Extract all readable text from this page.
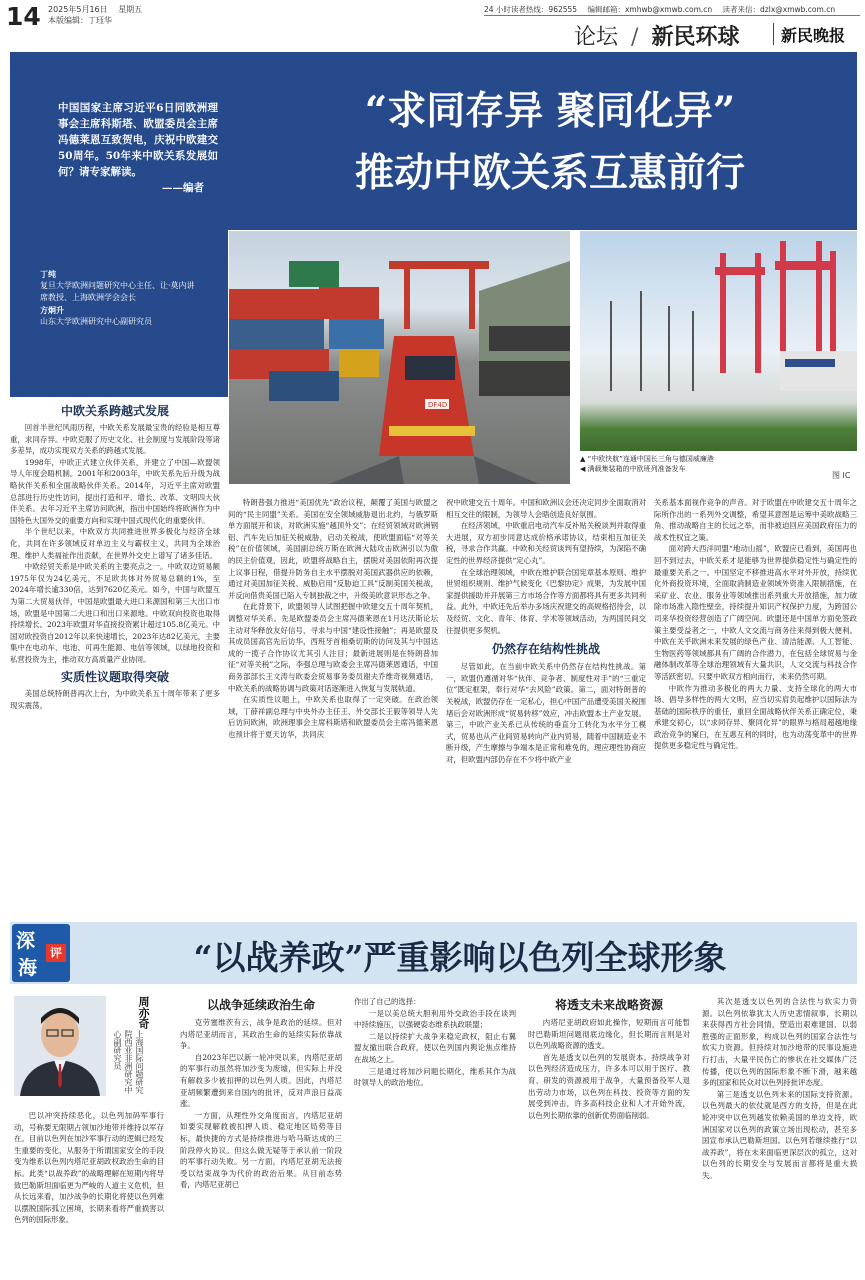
14 2025年5月16日 星期五
本版编辑：丁珏华
24 小时读者热线：962555 编辑邮箱：xmhwb@xmwb.com.cn 读者来信：dzlx@xmwb.com.cn
论坛 / 新民环球	新民晚报
“求同存异 聚同化异”
推动中欧关系互惠前行
中国国家主席习近平6日同欧洲理事会主席科斯塔、欧盟委员会主席冯德莱恩互致贺电，庆祝中欧建交50周年。50年来中欧关系发展如何？请专家解读。
——编者
丁纯
复旦大学欧洲问题研究中心主任、让·莫内讲席教授、上海欧洲学会会长
方炯升
山东大学欧洲研究中心副研究员
DF4D
▲ “中欧快航”连通中国长三角与德国威廉港
◀ 满载集装箱的中欧班列准备发车
图 IC
中欧关系跨越式发展
回首半世纪风雨历程，中欧关系发展最宝贵的经验是相互尊重，求同存异。中欧克服了历史文化、社会制度与发展阶段等诸多差异，成功实现双方关系的跨越式发展。
1998年，中欧正式建立伙伴关系，并建立了中国—欧盟领导人年度会晤机制。2001年和2003年，中欧关系先后升级为战略伙伴关系和全面战略伙伴关系。2014年，习近平主席对欧盟总部进行历史性访问，提出打造和平、增长、改革、文明四大伙伴关系。去年习近平主席访问欧洲，指出中国始终将欧洲作为中国特色大国外交的重要方向和实现中国式现代化的重要伙伴。
半个世纪以来，中欧双方共同推进世界多极化与经济全球化，共同在许多领域反对单边主义与霸权主义，共同为全球治理、维护人类福祉作出贡献，在世界外交史上谱写了诸多佳话。
中欧经贸关系是中欧关系的主要亮点之一。中欧双边贸易额1975年仅为24亿美元，不足欧共体对外贸易总额的1%，至2024年增长逾330倍，达到7620亿美元。如今，中国与欧盟互为第二大贸易伙伴，中国是欧盟最大进口来源国和第三大出口市场，欧盟是中国第二大进口和出口来源地。中欧双向投资也取得持续增长。2023年欧盟对华直接投资累计超过105.8亿美元。中国对欧投资自2012年以来快速增长，2023年达82亿美元，主要集中在电动车、电池、可再生能源、电信等领域，以绿地投资和私营投资为主，推动双方高质量产业协同。
实质性议题取得突破
美国总统特朗普再次上台，为中欧关系五十周年带来了更多现实震荡。
特朗普强力推进“美国优先”政治议程，颠覆了美国与欧盟之间的“民主同盟”关系。美国在安全领域威胁退出北约，与俄罗斯单方面展开和谈，对欧洲实施“越顶外交”；在经贸领域对欧洲钢铝、汽车先后加征关税威胁，启动关税战，使欧盟面临“对等关税”在价值领域，美国副总统万斯在欧洲大陆攻击欧洲引以为傲的民主价值观，因此，欧盟将战略自主，摆脱对美国依附再次提上议事日程，借提升防务自主水平摆脱对美国武器供应的依赖，通过对美国加征关税、威胁启用“反胁迫工具”反制美国关税战，并反向借贵美国已陷入专制独裁之中，升级美欧意识形态之争。
在此背景下，欧盟领导人试图把握中欧建交五十周年契机，调整对华关系。先是欧盟委员会主席冯德莱恩在1月达沃斯论坛主动对华释放友好信号，寻求与中国“建设性接触”；再是欧盟及其成员国高官先后访华，西班牙首相桑切斯的访问及其与中国达成的一揽子合作协议尤其引人注目；最新进展则是在特朗普加征“对等关税”之际，李强总理与欧委会主席冯德莱恩通话，中国商务部部长王文涛与欧委会贸易事务委员谢夫乔维奇视频通话，中欧关系的战略协调与政策对话逐渐进入恢复与发展轨道。
在实质性议题上，中欧关系也取得了一定突破。在政治领域，丁薛祥副总理与中央外办主任王、外交部长王毅等领导人先后访问欧洲，欧洲理事会主席科斯塔和欧盟委员会主席冯德莱恩也预计将于夏天访华，共同庆
祝中欧建交五十周年。中国和欧洲议会还决定同步全面取消对相互交往的限制，为领导人会晤创造良好氛围。
在经济领域，中欧重启电动汽车反补贴关税谈判并取得重大进展，双方初步同意达成价格承诺协议，结束相互加征关税，寻求合作共赢。中欧和关经贸谈判有望持续，为深陷不确定性的世界经济提供“定心丸”。
在全球治理领域，中欧在维护联合国宪章基本原则、维护世贸组织规则、维护气候变化《巴黎协定》成果，为发展中国家提供援助并开展第三方市场合作等方面都将具有更多共同利益。此外，中欧还先后举办多场庆祝建交的高规格招待会，以及经贸、文化、青年、体育、学术等领域活动，为两国民间交往提供更多契机。
仍然存在结构性挑战
尽管如此，在当前中欧关系中仍然存在结构性挑战。第一，欧盟仍遵循对华“伙伴、竞争者、制度性对手”的“三重定位”既定框架，奉行对华“去风险”政策。第二，面对特朗普的关税战，欧盟仍存在一定私心，担心中国产品遭受美国关税围堵后会对欧洲形成“贸易转移”效应，冲击欧盟本土产业发展。第三，中欧产业关系已从传统的垂直分工转化为水平分工模式，贸易也从产业间贸易转向产业内贸易，随着中国制造业不断升级，产生摩擦与争端本是正常和难免的，理应理性协商应对，但欧盟内部仍存在不少将中欧产业
关系基本面视作竞争的声音。对于欧盟在中欧建交五十周年之际所作出的一系列外交调整，希望其意图是运筹中美欧战略三角、推动战略自主的长远之举，而非被迫回应美国政府压力的战术性权宜之策。
面对跨大西洋同盟“地动山摇”，欧盟应已看到，美国再也回不到过去，中欧关系才是能够为世界提供稳定性与确定性的最重要关系之一。中国坚定不移推进高水平对外开放，持续优化外商投资环境，全面取消制造业领域外资准入限制措施，在采矿业、农业、服务业等领域推出系列重大开放措施，加力破除市场准入隐性壁垒，持续提升知识产权保护力度，为跨国公司来华投资经营创造了广阔空间。欧盟还是中国单方面免签政策主要受益者之一，中欧人文交流与商务往来得到极大便利。中欧在关乎欧洲未来发展的绿色产业、清洁能源、人工智能、生物医药等领域都具有广阔的合作潜力，在包括全球贸易与金融体制改革等全球治理领域有大量共识，人文交流与科技合作等活跃密切。只要中欧双方相向而行，未来仍然可期。
中欧作为推动多极化的两大力量、支持全球化的两大市场、倡导多样性的两大文明，应当切实肩负起维护以国际法为基础的国际秩序的重任，重回全面战略伙伴关系正确定位，秉承建交初心，以“求同存异、聚同化异”的眼界与格局超越地缘政治竞争的窠臼，在互惠互利的同时，也为动荡变革中的世界提供更多稳定性与确定性。
深
海
评	“以战养政”严重影响以色列全球形象
周亦奇
上海国际问题研究院西亚非洲研究中心副研究员
巴以冲突持续恶化，以色列加码军事行动，号称要无限期占领加沙地带并维持以军存在。目前以色列在加沙军事行动的逻辑已经发生重要的变化，从服务于所谓国家安全的手段变为维系以色列内塔尼亚胡政权政治生命的目标。此类“以战养政”的战略理解在短期内将导致巴勒斯坦面临更为严峻的人道主义危机，但从长远来看，加沙战争的长期化将使以色列难以摆脱国际孤立困境，长期来看将严重损害以色列的国际形象。
以战争延续政治生命
克劳塞维茨有云，战争是政治的延续。但对内塔尼亚胡而言，其政治生命的延续实际依靠战争。
自2023年巴以新一轮冲突以来，内塔尼亚胡的军事行动虽然将加沙变为废墟，但实际上并没有解救多少被扣押的以色列人质。因此，内塔尼亚胡频繁遭到来自国内的批评，反对声浪日益高涨。
一方面，从理性外交角度而言，内塔尼亚胡如要实现解救被扣押人质、稳定地区局势等目标，最快捷的方式是持续推进与哈马斯达成的三阶段停火协议。但这么做无疑等于承认前一阶段的军事行动失败。另一方面，内塔尼亚胡无法接受以结束战争为代价的政治后果。从目前态势看，内塔尼亚胡已
作出了自己的选择：
一是以美总统大胆利用外交政治手段在谈判中持续施压，以强硬姿态维系执政联盟；
二是以持续扩大战争来稳定政权，阻止右翼盟友撤出联合政府，使以色列国内舆论焦点维持在战场之上。
三是通过将加沙问题长期化，维系其作为战时领导人的政治地位。
将透支未来战略资源
内塔尼亚胡政府如此操作，短期而言可能暂时巴勒斯坦问题彻底边缘化，但长期而言则是对以色列战略资源的透支。
首先是透支以色列的发展资本。持续战争对以色列经济造成压力，许多本可以用于医疗、教育、研发的资源被用于战争，大量预备役军人退出劳动力市场，以色列在科技、投资等方面的发展受到冲击，许多高科技企业和人才开始外流，以色列长期依靠的创新优势面临削弱。
其次是透支以色列的合法性与软实力资源。以色列依靠犹太人历史悲情叙事，长期以来获得西方社会同情，塑造出艰难建国、以弱胜强的正面形象，构成以色列的国家合法性与软实力资源。但持续对加沙地带的民事设施进行打击，大量平民伤亡的惨状在社交媒体广泛传播，使以色列的国际形象不断下滑，越来越多的国家和民众对以色列持批评态度。
第三是透支以色列未来的国际支持资源。以色列最大的依仗就是西方的支持，但是在此轮冲突中以色列越发依赖美国的单边支持，欧洲国家对以色列的政策立场出现松动，甚至多国宣布承认巴勒斯坦国。以色列若继续推行“以战养政”，将在未来面临更深层次的孤立，这对以色列的长期安全与发展而言都将是重大损失。
